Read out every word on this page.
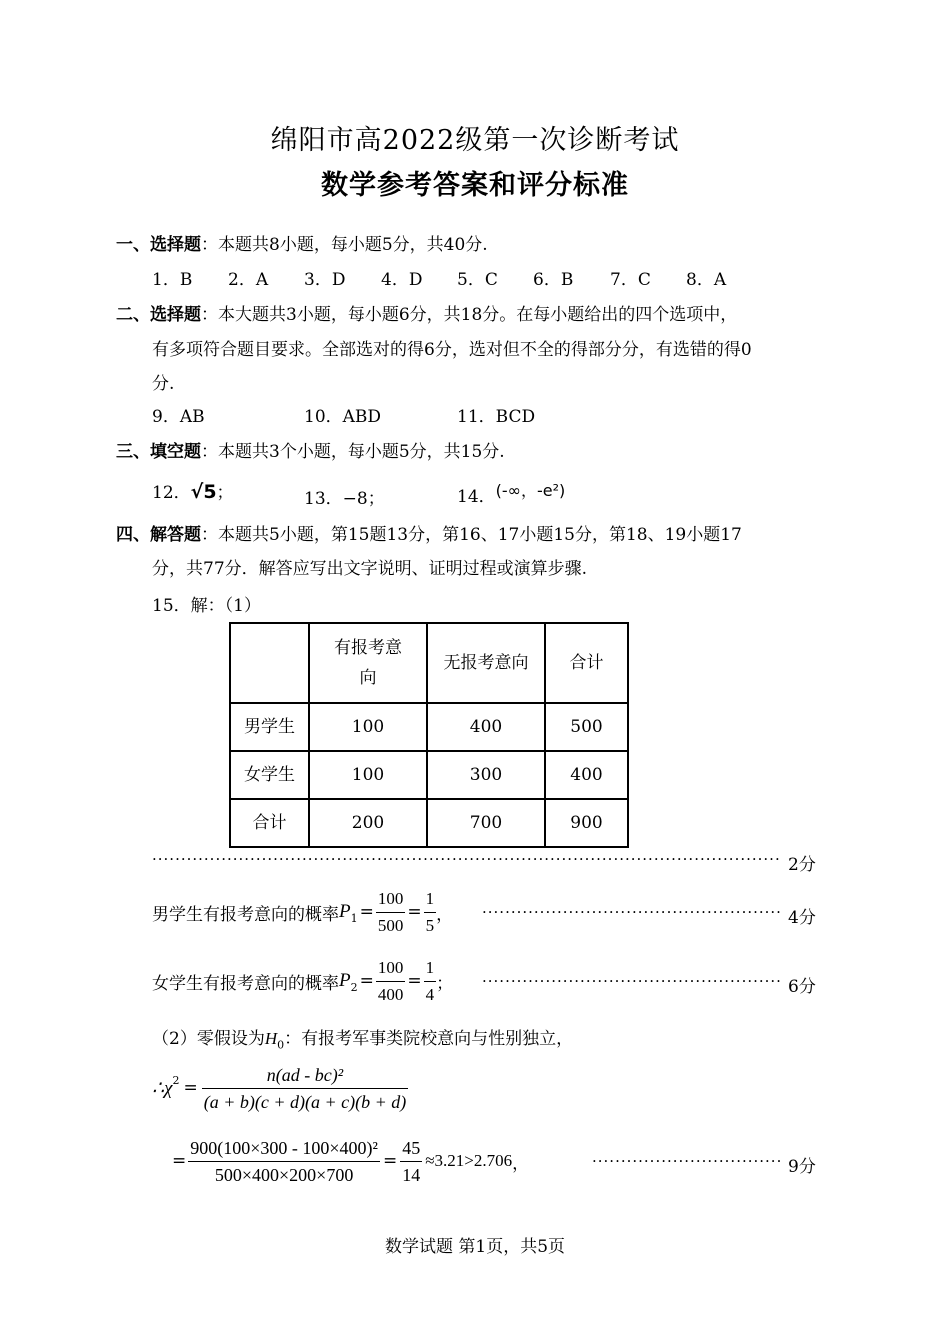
绵阳市高2022级第一次诊断考试
数学参考答案和评分标准
一、选择题：本题共8小题，每小题5分，共40分.
1．B 2．A 3．D 4．D 5．C 6．B 7．C 8．A
二、选择题：本大题共3小题，每小题6分，共18分。在每小题给出的四个选项中，
有多项符合题目要求。全部选对的得6分，选对但不全的得部分分，有选错的得0
分.
9．AB	10．ABD	11．BCD
三、填空题：本题共3个小题，每小题5分，共15分.
12．√5；	13．−8；	14．(-∞，-e²)
四、解答题：本题共5小题，第15题13分，第16、17小题15分，第18、19小题17
分，共77分．解答应写出文字说明、证明过程或演算步骤.
15．解：（1）
	有报考意
向	无报考意向	合计
男学生	100	400	500
女学生	100	300	400
合计	200	700	900
·····
2分
男学生有报考意向的概率 $P_1 = \frac{100}{500} = \frac{1}{5}$ ， ·····	4分
女学生有报考意向的概率 $P_2 = \frac{100}{400} = \frac{1}{4}$ ； ·····	6分
（2）零假设为$H_0$：有报考军事类院校意向与性别独立，
$\therefore\chi^2 = \frac{\text{n(ad - bc)²}}{(a + b)(c + d)(a + c)(b + d)}$
= $\frac{\text{900(100×300 - 100×400)²}}{500\times 400\times 200\times 700} = \frac{45}{14} \approx 3.21>2.706$ ， ·····	9分
数学试题 第1页，共5页
